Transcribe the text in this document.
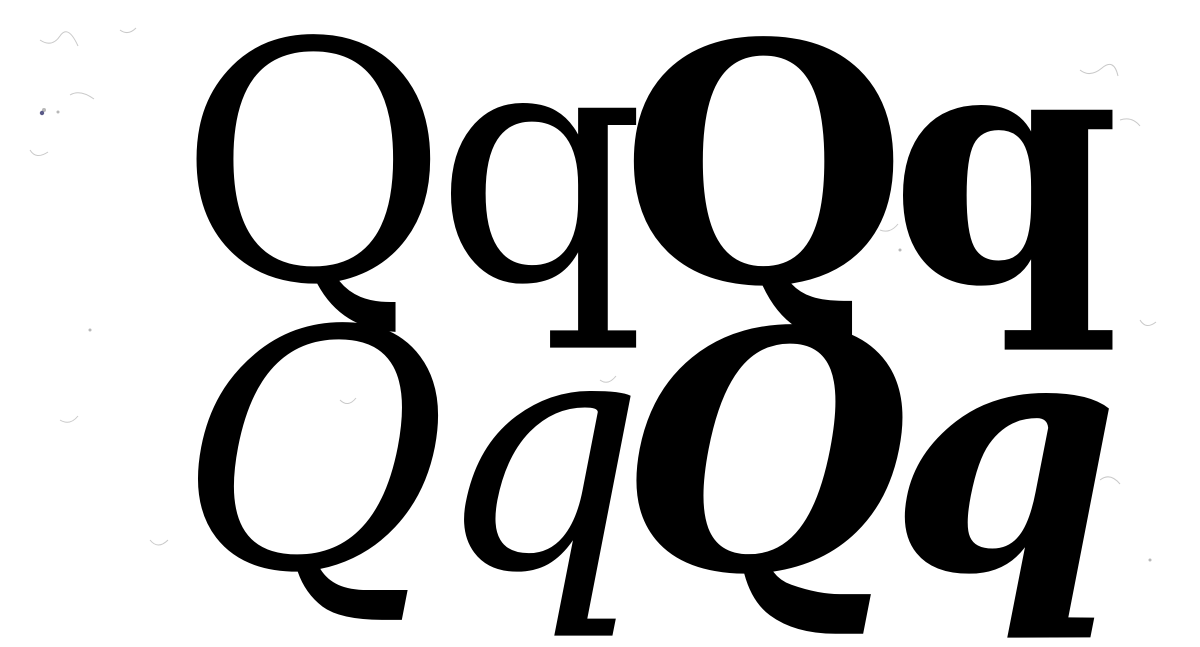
Qq
Qq
Qq
Qq
